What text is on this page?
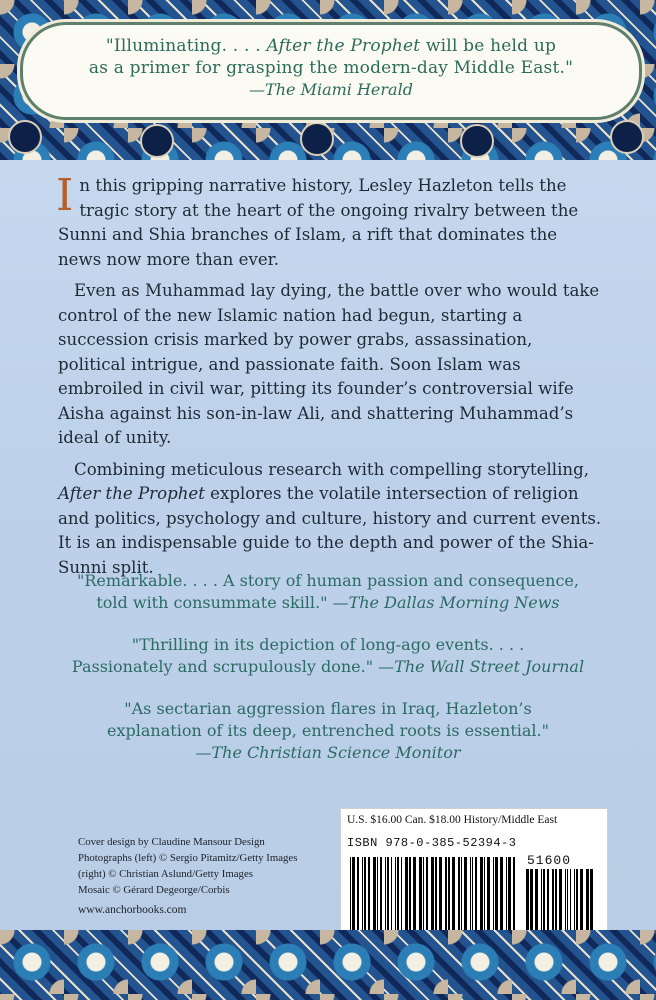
"Illuminating. . . . After the Prophet will be held up
as a primer for grasping the modern-day Middle East."
—The Miami Herald

In this gripping narrative history, Lesley Hazleton tells the tragic story at the heart of the ongoing rivalry between the Sunni and Shia branches of Islam, a rift that dominates the news now more than ever.

Even as Muhammad lay dying, the battle over who would take control of the new Islamic nation had begun, starting a succession crisis marked by power grabs, assassination, political intrigue, and passionate faith. Soon Islam was embroiled in civil war, pitting its founder’s controversial wife Aisha against his son-in-law Ali, and shattering Muhammad’s ideal of unity.

Combining meticulous research with compelling storytelling,
After the Prophet explores the volatile intersection of religion and politics, psychology and culture, history and current events. It is an indispensable guide to the depth and power of the Shia-Sunni split.

"Remarkable. . . . A story of human passion and consequence,
told with consummate skill." —The Dallas Morning News
"Thrilling in its depiction of long-ago events. . . .
Passionately and scrupulously done." —The Wall Street Journal
"As sectarian aggression flares in Iraq, Hazleton’s
explanation of its deep, entrenched roots is essential."
—The Christian Science Monitor
Cover design by Claudine Mansour Design
Photographs (left) © Sergio Pitamitz/Getty Images
(right) © Christian Aslund/Getty Images
Mosaic © Gérard Degeorge/Corbis
www.anchorbooks.com
U.S. $16.00 Can. $18.00 History/Middle East
ISBN 978-0-385-52394-3
51600
